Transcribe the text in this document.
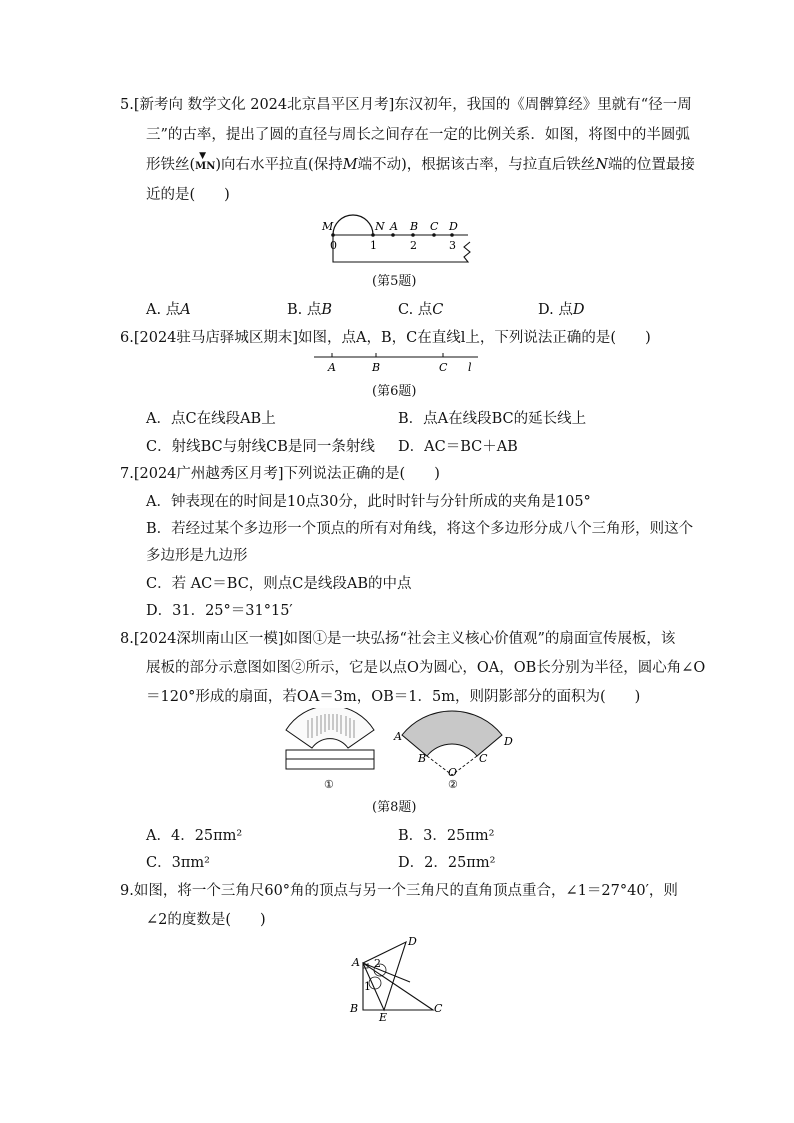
5.[新考向 数学文化 2024北京昌平区月考]东汉初年，我国的《周髀算经》里就有“径一周
三”的古率，提出了圆的直径与周长之间存在一定的比例关系．如图，将图中的半圆弧
形铁丝(
▼
MN)向右水平拉直(保持M端不动)，根据该古率，与拉直后铁丝N端的位置最接
近的是(　　)
M	N A B C D
0	1	2	3
(第5题)
A. 点A	B. 点B	C. 点C	D. 点D
6.[2024驻马店驿城区期末]如图，点A，B，C在直线l上，下列说法正确的是(　　)
A	B	C l
(第6题)
A．点C在线段AB上	B．点A在线段BC的延长线上
C．射线BC与射线CB是同一条射线 D．AC＝BC＋AB
7.[2024广州越秀区月考]下列说法正确的是(　　)
A．钟表现在的时间是10点30分，此时时针与分针所成的夹角是105°
B．若经过某个多边形一个顶点的所有对角线，将这个多边形分成八个三角形，则这个
多边形是九边形
C．若 AC＝BC，则点C是线段AB的中点
D．31．25°＝31°15′
8.[2024深圳南山区一模]如图①是一块弘扬“社会主义核心价值观”的扇面宣传展板，该
展板的部分示意图如图②所示，它是以点O为圆心，OA，OB长分别为半径，圆心角∠O
＝120°形成的扇面，若OA＝3m，OB＝1．5m，则阴影部分的面积为(　　)
①
A
B	C
D
O
②
(第8题)
A．4．25πm²	B．3．25πm²
C．3πm²	D．2．25πm²
9.如图，将一个三角尺60°角的顶点与另一个三角尺的直角顶点重合，∠1＝27°40′，则
∠2的度数是(　　)
A
B	C
D
E
1
2
